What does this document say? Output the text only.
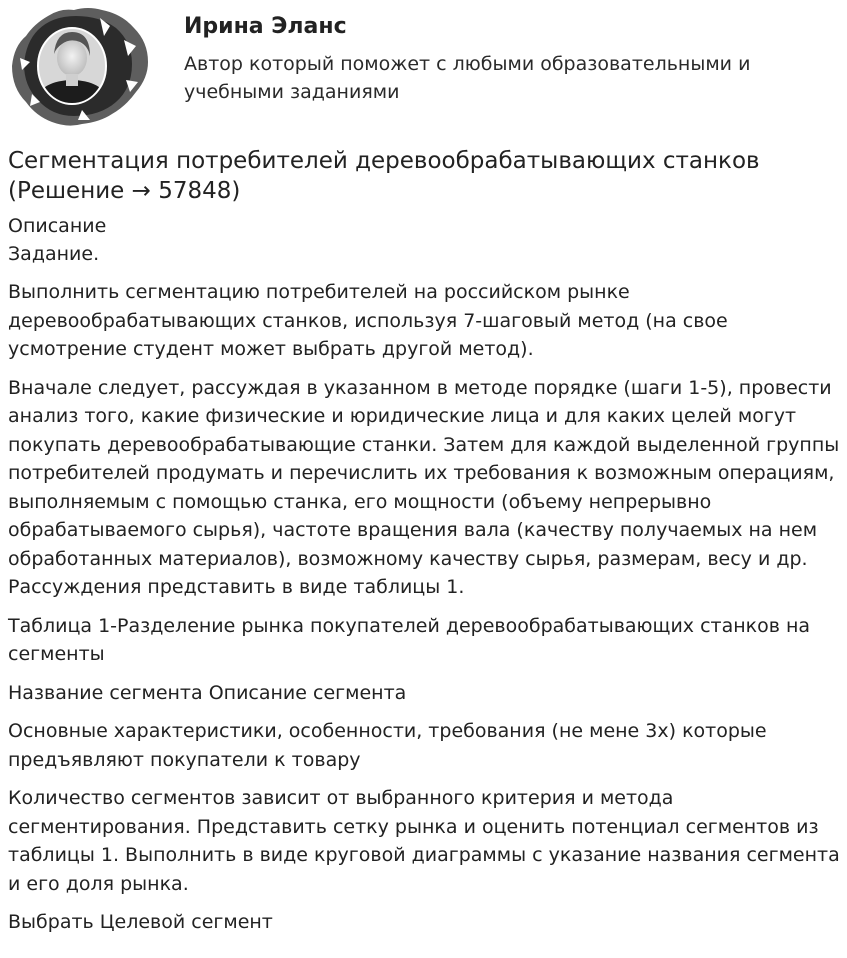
Ирина Эланс

Автор который поможет с любыми образовательными и учебными заданиями

Сегментация потребителей деревообрабатывающих станков (Решение → 57848)

Описание

Задание.

Выполнить сегментацию потребителей на российском рынке деревообрабатывающих станков, используя 7-шаговый метод (на свое усмотрение студент может выбрать другой метод).

Вначале следует, рассуждая в указанном в методе порядке (шаги 1-5), провести анализ того, какие физические и юридические лица и для каких целей могут покупать деревообрабатывающие станки. Затем для каждой выделенной группы потребителей продумать и перечислить их требования к возможным операциям, выполняемым с помощью станка, его мощности (объему непрерывно обрабатываемого сырья), частоте вращения вала (качеству получаемых на нем обработанных материалов), возможному качеству сырья, размерам, весу и др. Рассуждения представить в виде таблицы 1.

Таблица 1-Разделение рынка покупателей деревообрабатывающих станков на сегменты

Название сегмента Описание сегмента

Основные характеристики, особенности, требования (не мене 3х) которые предъявляют покупатели к товару

Количество сегментов зависит от выбранного критерия и метода сегментирования. Представить сетку рынка и оценить потенциал сегментов из таблицы 1. Выполнить в виде круговой диаграммы с указание названия сегмента и его доля рынка.

Выбрать Целевой сегмент
